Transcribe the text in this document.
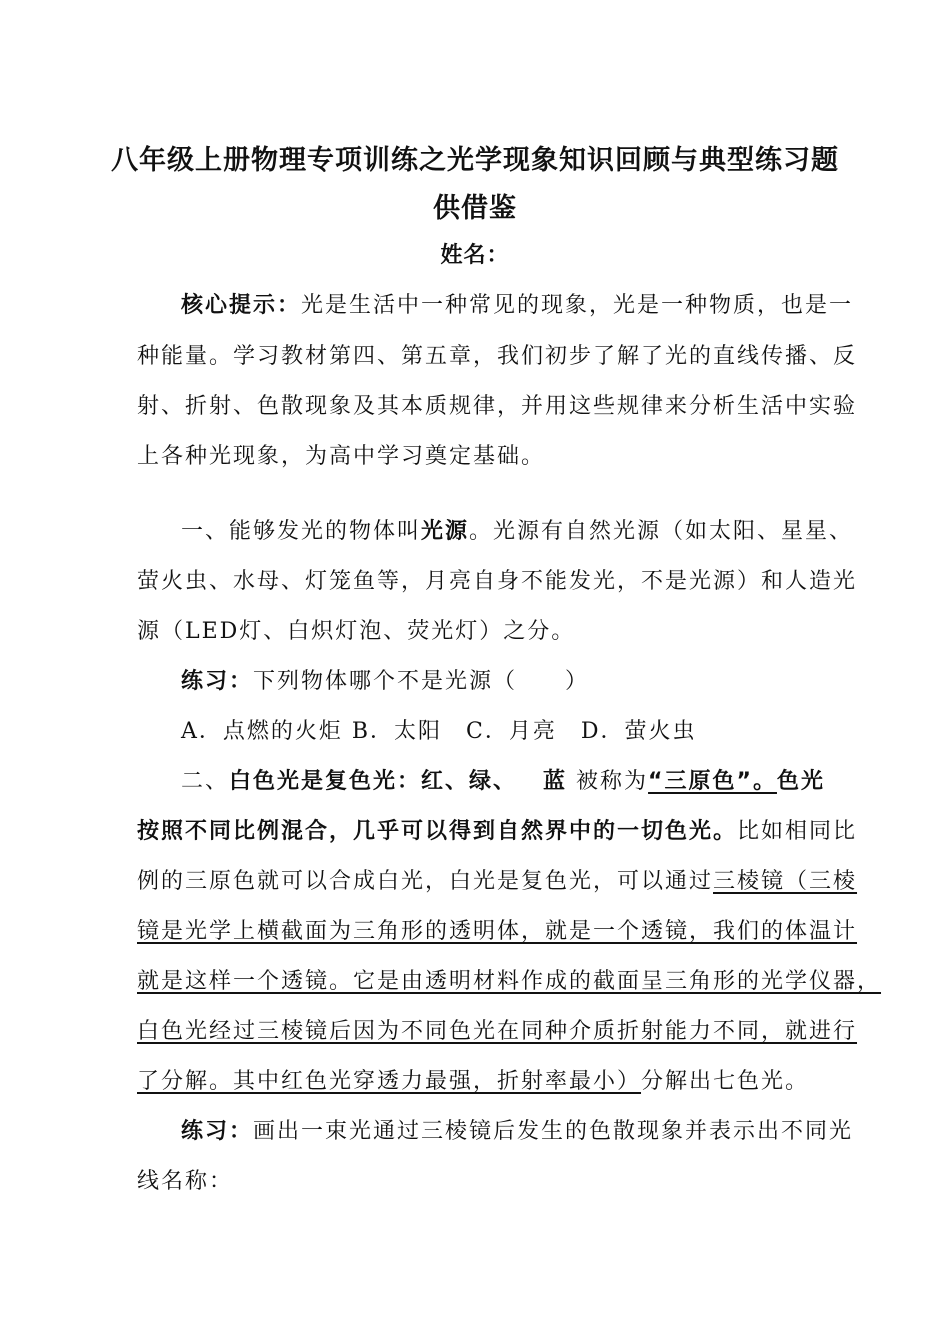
八年级上册物理专项训练之光学现象知识回顾与典型练习题
供借鉴
姓名：
核心提示：光是生活中一种常见的现象，光是一种物质，也是一
种能量。学习教材第四、第五章，我们初步了解了光的直线传播、反
射、折射、色散现象及其本质规律，并用这些规律来分析生活中实验
上各种光现象，为高中学习奠定基础。
一、能够发光的物体叫光源。光源有自然光源（如太阳、星星、
萤火虫、水母、灯笼鱼等，月亮自身不能发光，不是光源）和人造光
源（LED灯、白炽灯泡、荧光灯）之分。
练习：下列物体哪个不是光源（　　）
A．点燃的火炬 B．太阳　C．月亮　D．萤火虫
二、白色光是复色光：红、绿、 蓝 被称为“三原色”。色光
按照不同比例混合，几乎可以得到自然界中的一切色光。比如相同比
例的三原色就可以合成白光，白光是复色光，可以通过三棱镜（三棱
镜是光学上横截面为三角形的透明体，就是一个透镜，我们的体温计
就是这样一个透镜。它是由透明材料作成的截面呈三角形的光学仪器，
白色光经过三棱镜后因为不同色光在同种介质折射能力不同，就进行
了分解。其中红色光穿透力最强，折射率最小）分解出七色光。
练习：画出一束光通过三棱镜后发生的色散现象并表示出不同光
线名称：
